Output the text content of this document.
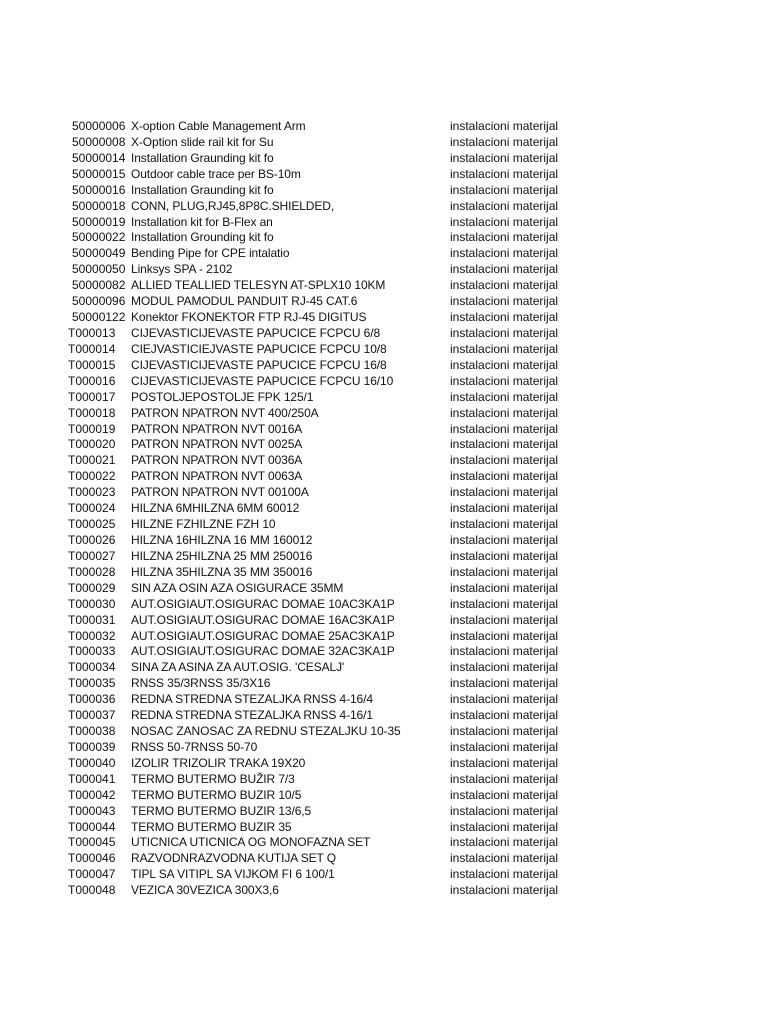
50000006 X-option Cable Management Arm	instalacioni materijal
50000008 X-Option slide rail kit for Su	instalacioni materijal
50000014 Installation Graunding kit fo	instalacioni materijal
50000015 Outdoor cable trace per BS-10m	instalacioni materijal
50000016 Installation Graunding kit fo	instalacioni materijal
50000018 CONN, PLUG,RJ45,8P8C.SHIELDED,	instalacioni materijal
50000019 Installation kit for B-Flex an	instalacioni materijal
50000022 Installation Grounding kit fo	instalacioni materijal
50000049 Bending Pipe for CPE intalatio	instalacioni materijal
50000050 Linksys SPA - 2102	instalacioni materijal
50000082 ALLIED TEALLIED TELESYN AT-SPLX10 10KM	instalacioni materijal
50000096 MODUL PAMODUL PANDUIT RJ-45 CAT.6	instalacioni materijal
50000122 Konektor FKONEKTOR FTP RJ-45 DIGITUS	instalacioni materijal
T000013 CIJEVASTICIJEVASTE PAPUCICE FCPCU 6/8	instalacioni materijal
T000014 CIEJVASTICIEJVASTE PAPUCICE FCPCU 10/8	instalacioni materijal
T000015 CIJEVASTICIJEVASTE PAPUCICE FCPCU 16/8	instalacioni materijal
T000016 CIJEVASTICIJEVASTE PAPUCICE FCPCU 16/10	instalacioni materijal
T000017 POSTOLJEPOSTOLJE FPK 125/1	instalacioni materijal
T000018 PATRON NPATRON NVT 400/250A	instalacioni materijal
T000019 PATRON NPATRON NVT 0016A	instalacioni materijal
T000020 PATRON NPATRON NVT 0025A	instalacioni materijal
T000021 PATRON NPATRON NVT 0036A	instalacioni materijal
T000022 PATRON NPATRON NVT 0063A	instalacioni materijal
T000023 PATRON NPATRON NVT 00100A	instalacioni materijal
T000024 HILZNA 6MHILZNA 6MM 60012	instalacioni materijal
T000025 HILZNE FZHILZNE FZH 10	instalacioni materijal
T000026 HILZNA 16HILZNA 16 MM 160012	instalacioni materijal
T000027 HILZNA 25HILZNA 25 MM 250016	instalacioni materijal
T000028 HILZNA 35HILZNA 35 MM 350016	instalacioni materijal
T000029 SIN AZA OSIN AZA OSIGURACE 35MM	instalacioni materijal
T000030 AUT.OSIGIAUT.OSIGURAC DOMAE 10AC3KA1P	instalacioni materijal
T000031 AUT.OSIGIAUT.OSIGURAC DOMAE 16AC3KA1P	instalacioni materijal
T000032 AUT.OSIGIAUT.OSIGURAC DOMAE 25AC3KA1P	instalacioni materijal
T000033 AUT.OSIGIAUT.OSIGURAC DOMAE 32AC3KA1P	instalacioni materijal
T000034 SINA ZA ASINA ZA AUT.OSIG. 'CESALJ'	instalacioni materijal
T000035 RNSS 35/3RNSS 35/3X16	instalacioni materijal
T000036 REDNA STREDNA STEZALJKA RNSS 4-16/4	instalacioni materijal
T000037 REDNA STREDNA STEZALJKA RNSS 4-16/1	instalacioni materijal
T000038 NOSAC ZANOSAC ZA REDNU STEZALJKU 10-35	instalacioni materijal
T000039 RNSS 50-7RNSS 50-70	instalacioni materijal
T000040 IZOLIR TRIZOLIR TRAKA 19X20	instalacioni materijal
T000041 TERMO BUTERMO BUŽIR 7/3	instalacioni materijal
T000042 TERMO BUTERMO BUZIR 10/5	instalacioni materijal
T000043 TERMO BUTERMO BUZIR 13/6,5	instalacioni materijal
T000044 TERMO BUTERMO BUZIR 35	instalacioni materijal
T000045 UTICNICA UTICNICA OG MONOFAZNA SET	instalacioni materijal
T000046 RAZVODNRAZVODNA KUTIJA SET Q	instalacioni materijal
T000047 TIPL SA VITIPL SA VIJKOM FI 6 100/1	instalacioni materijal
T000048 VEZICA 30VEZICA 300X3,6	instalacioni materijal
